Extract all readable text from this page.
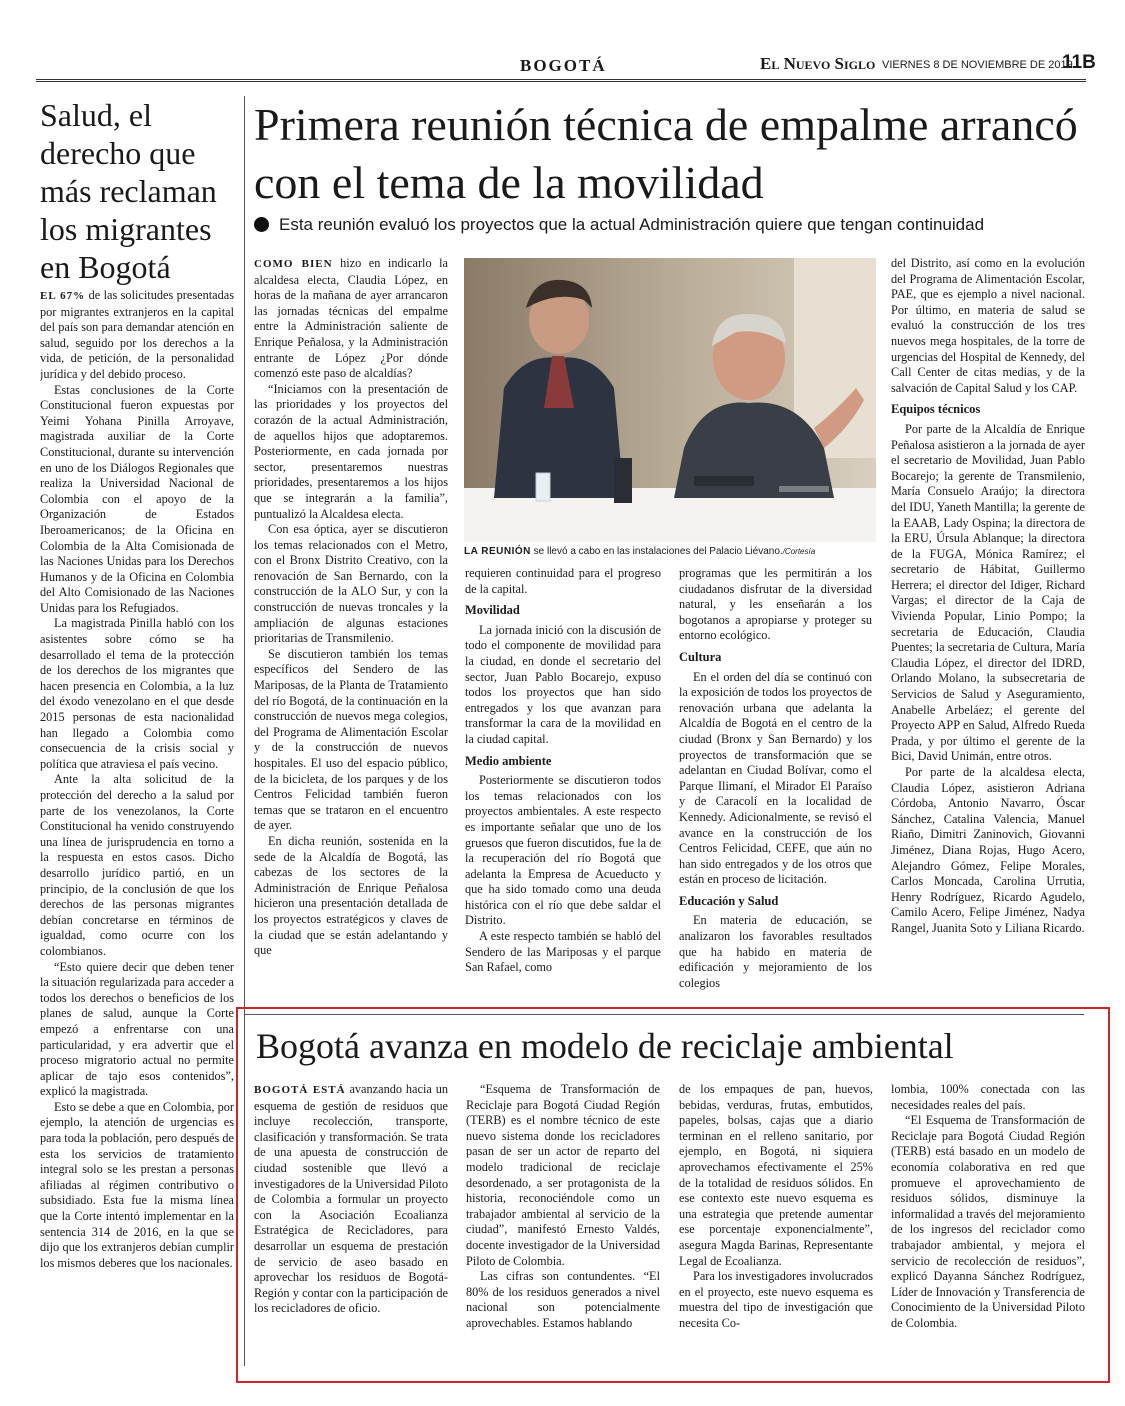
BOGOTÁ	El Nuevo Siglo VIERNES 8 DE NOVIEMBRE DE 2019
11B
Salud, el derecho que más reclaman los migrantes en Bogotá

EL 67% de las solicitudes presentadas por migrantes extranjeros en la capital del país son para demandar atención en salud, seguido por los derechos a la vida, de petición, de la personalidad jurídica y del debido proceso.

Estas conclusiones de la Corte Constitucional fueron expuestas por Yeimi Yohana Pinilla Arroyave, magistrada auxiliar de la Corte Constitucional, durante su intervención en uno de los Diálogos Regionales que realiza la Universidad Nacional de Colombia con el apoyo de la Organización de Estados Iberoamericanos; de la Oficina en Colombia de la Alta Comisionada de las Naciones Unidas para los Derechos Humanos y de la Oficina en Colombia del Alto Comisionado de las Naciones Unidas para los Refugiados.

La magistrada Pinilla habló con los asistentes sobre cómo se ha desarrollado el tema de la protección de los derechos de los migrantes que hacen presencia en Colombia, a la luz del éxodo venezolano en el que desde 2015 personas de esta nacionalidad han llegado a Colombia como consecuencia de la crisis social y política que atraviesa el país vecino.

Ante la alta solicitud de la protección del derecho a la salud por parte de los venezolanos, la Corte Constitucional ha venido construyendo una línea de jurisprudencia en torno a la respuesta en estos casos. Dicho desarrollo jurídico partió, en un principio, de la conclusión de que los derechos de las personas migrantes debían concretarse en términos de igualdad, como ocurre con los colombianos.

“Esto quiere decir que deben tener la situación regularizada para acceder a todos los derechos o beneficios de los planes de salud, aunque la Corte empezó a enfrentarse con una particularidad, y era advertir que el proceso migratorio actual no permite aplicar de tajo esos contenidos”, explicó la magistrada.

Esto se debe a que en Colombia, por ejemplo, la atención de urgencias es para toda la población, pero después de esta los servicios de tratamiento integral solo se les prestan a personas afiliadas al régimen contributivo o subsidiado. Esta fue la misma línea que la Corte intentó implementar en la sentencia 314 de 2016, en la que se dijo que los extranjeros debían cumplir los mismos deberes que los nacionales.

Primera reunión técnica de empalme arrancó con el tema de la movilidad
Esta reunión evaluó los proyectos que la actual Administración quiere que tengan continuidad

COMO BIEN hizo en indicarlo la alcaldesa electa, Claudia López, en horas de la mañana de ayer arrancaron las jornadas técnicas del empalme entre la Administración saliente de Enrique Peñalosa, y la Administración entrante de López ¿Por dónde comenzó este paso de alcaldías?

“Iniciamos con la presentación de las prioridades y los proyectos del corazón de la actual Administración, de aquellos hijos que adoptaremos. Posteriormente, en cada jornada por sector, presentaremos nuestras prioridades, presentaremos a los hijos que se integrarán a la familia”, puntualizó la Alcaldesa electa.

Con esa óptica, ayer se discutieron los temas relacionados con el Metro, con el Bronx Distrito Creativo, con la renovación de San Bernardo, con la construcción de la ALO Sur, y con la construcción de nuevas troncales y la ampliación de algunas estaciones prioritarias de Transmilenio.

Se discutieron también los temas específicos del Sendero de las Mariposas, de la Planta de Tratamiento del río Bogotá, de la continuación en la construcción de nuevos mega colegios, del Programa de Alimentación Escolar y de la construcción de nuevos hospitales. El uso del espacio público, de la bicicleta, de los parques y de los Centros Felicidad también fueron temas que se trataron en el encuentro de ayer.

En dicha reunión, sostenida en la sede de la Alcaldía de Bogotá, las cabezas de los sectores de la Administración de Enrique Peñalosa hicieron una presentación detallada de los proyectos estratégicos y claves de la ciudad que se están adelantando y que

LA REUNIÓN se llevó a cabo en las instalaciones del Palacio Liévano./Cortesía

requieren continuidad para el progreso de la capital.

Movilidad

La jornada inició con la discusión de todo el componente de movilidad para la ciudad, en donde el secretario del sector, Juan Pablo Bocarejo, expuso todos los proyectos que han sido entregados y los que avanzan para transformar la cara de la movilidad en la ciudad capital.

Medio ambiente

Posteriormente se discutieron todos los temas relacionados con los proyectos ambientales. A este respecto es importante señalar que uno de los gruesos que fueron discutidos, fue la de la recuperación del río Bogotá que adelanta la Empresa de Acueducto y que ha sido tomado como una deuda histórica con el río que debe saldar el Distrito.

A este respecto también se habló del Sendero de las Mariposas y el parque San Rafael, como

programas que les permitirán a los ciudadanos disfrutar de la diversidad natural, y les enseñarán a los bogotanos a apropiarse y proteger su entorno ecológico.

Cultura

En el orden del día se continuó con la exposición de todos los proyectos de renovación urbana que adelanta la Alcaldía de Bogotá en el centro de la ciudad (Bronx y San Bernardo) y los proyectos de transformación que se adelantan en Ciudad Bolívar, como el Parque Ilimaní, el Mirador El Paraíso y de Caracolí en la localidad de Kennedy. Adicionalmente, se revisó el avance en la construcción de los Centros Felicidad, CEFE, que aún no han sido entregados y de los otros que están en proceso de licitación.

Educación y Salud

En materia de educación, se analizaron los favorables resultados que ha habido en materia de edificación y mejoramiento de los colegios

del Distrito, así como en la evolución del Programa de Alimentación Escolar, PAE, que es ejemplo a nivel nacional. Por último, en materia de salud se evaluó la construcción de los tres nuevos mega hospitales, de la torre de urgencias del Hospital de Kennedy, del Call Center de citas medias, y de la salvación de Capital Salud y los CAP.

Equipos técnicos

Por parte de la Alcaldía de Enrique Peñalosa asistieron a la jornada de ayer el secretario de Movilidad, Juan Pablo Bocarejo; la gerente de Transmilenio, María Consuelo Araújo; la directora del IDU, Yaneth Mantilla; la gerente de la EAAB, Lady Ospina; la directora de la ERU, Úrsula Ablanque; la directora de la FUGA, Mónica Ramírez; el secretario de Hábitat, Guillermo Herrera; el director del Idiger, Richard Vargas; el director de la Caja de Vivienda Popular, Linio Pompo; la secretaria de Educación, Claudia Puentes; la secretaria de Cultura, María Claudia López, el director del IDRD, Orlando Molano, la subsecretaria de Servicios de Salud y Aseguramiento, Anabelle Arbeláez; el gerente del Proyecto APP en Salud, Alfredo Rueda Prada, y por último el gerente de la Bici, David Unimán, entre otros.

Por parte de la alcaldesa electa, Claudia López, asistieron Adriana Córdoba, Antonio Navarro, Óscar Sánchez, Catalina Valencia, Manuel Riaño, Dimitri Zaninovich, Giovanni Jiménez, Diana Rojas, Hugo Acero, Alejandro Gómez, Felipe Morales, Carlos Moncada, Carolina Urrutia, Henry Rodríguez, Ricardo Agudelo, Camilo Acero, Felipe Jiménez, Nadya Rangel, Juanita Soto y Liliana Ricardo.

Bogotá avanza en modelo de reciclaje ambiental

BOGOTÁ ESTÁ avanzando hacia un esquema de gestión de residuos que incluye recolección, transporte, clasificación y transformación. Se trata de una apuesta de construcción de ciudad sostenible que llevó a investigadores de la Universidad Piloto de Colombia a formular un proyecto con la Asociación Ecoalianza Estratégica de Recicladores, para desarrollar un esquema de prestación de servicio de aseo basado en aprovechar los residuos de Bogotá-Región y contar con la participación de los recicladores de oficio.

“Esquema de Transformación de Reciclaje para Bogotá Ciudad Región (TERB) es el nombre técnico de este nuevo sistema donde los recicladores pasan de ser un actor de reparto del modelo tradicional de reciclaje desordenado, a ser protagonista de la historia, reconociéndole como un trabajador ambiental al servicio de la ciudad”, manifestó Ernesto Valdés, docente investigador de la Universidad Piloto de Colombia.

Las cifras son contundentes. “El 80% de los residuos generados a nivel nacional son potencialmente aprovechables. Estamos hablando

de los empaques de pan, huevos, bebidas, verduras, frutas, embutidos, papeles, bolsas, cajas que a diario terminan en el relleno sanitario, por ejemplo, en Bogotá, ni siquiera aprovechamos efectivamente el 25% de la totalidad de residuos sólidos. En ese contexto este nuevo esquema es una estrategia que pretende aumentar ese porcentaje exponencialmente”, asegura Magda Barinas, Representante Legal de Ecoalianza.

Para los investigadores involucrados en el proyecto, este nuevo esquema es muestra del tipo de investigación que necesita Co-

lombia, 100% conectada con las necesidades reales del país.

“El Esquema de Transformación de Reciclaje para Bogotá Ciudad Región (TERB) está basado en un modelo de economía colaborativa en red que promueve el aprovechamiento de residuos sólidos, disminuye la informalidad a través del mejoramiento de los ingresos del reciclador como trabajador ambiental, y mejora el servicio de recolección de residuos”, explicó Dayanna Sánchez Rodríguez, Líder de Innovación y Transferencia de Conocimiento de la Universidad Piloto de Colombia.
